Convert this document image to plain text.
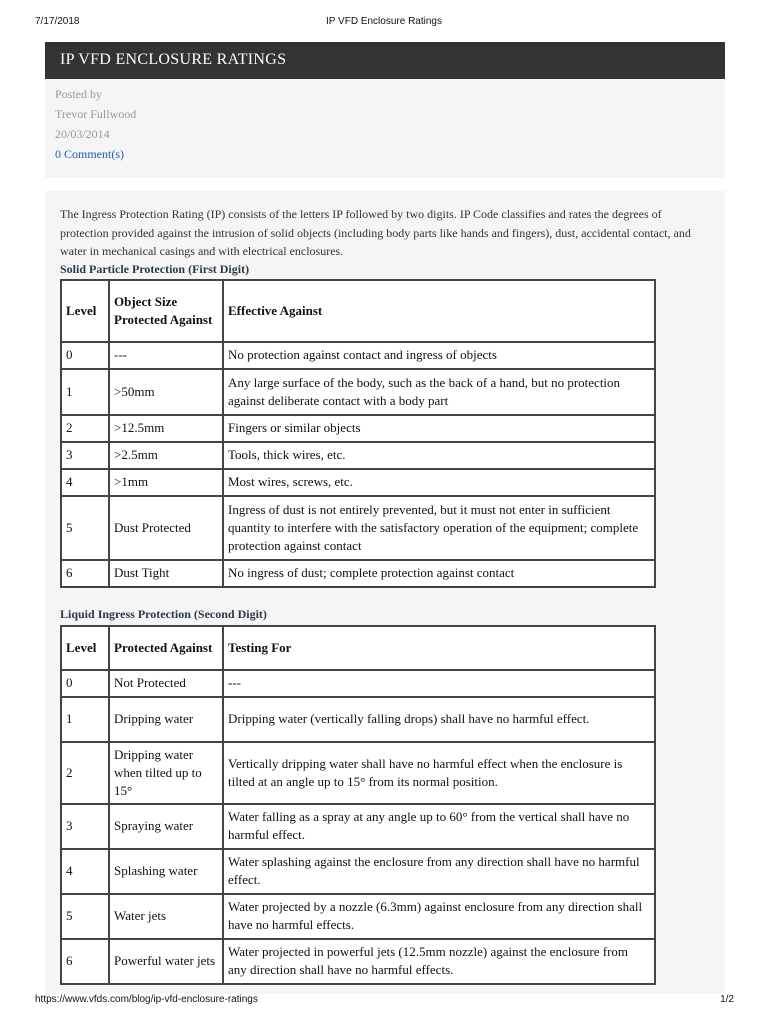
7/17/2018	IP VFD Enclosure Ratings
IP VFD ENCLOSURE RATINGS
Posted by
Trevor Fullwood
20/03/2014
0 Comment(s)

The Ingress Protection Rating (IP) consists of the letters IP followed by two digits. IP Code classifies and rates the degrees of protection provided against the intrusion of solid objects (including body parts like hands and fingers), dust, accidental contact, and water in mechanical casings and with electrical enclosures.

Solid Particle Protection (First Digit)

Level	Object Size Protected Against	Effective Against
0	---	No protection against contact and ingress of objects
1	>50mm	Any large surface of the body, such as the back of a hand, but no protection against deliberate contact with a body part
2	>12.5mm	Fingers or similar objects
3	>2.5mm	Tools, thick wires, etc.
4	>1mm	Most wires, screws, etc.
5	Dust Protected	Ingress of dust is not entirely prevented, but it must not enter in sufficient quantity to interfere with the satisfactory operation of the equipment; complete protection against contact
6	Dust Tight	No ingress of dust; complete protection against contact

Liquid Ingress Protection (Second Digit)

Level	Protected Against	Testing For
0	Not Protected	---
1	Dripping water	Dripping water (vertically falling drops) shall have no harmful effect.
2	Dripping water when tilted up to 15°	Vertically dripping water shall have no harmful effect when the enclosure is tilted at an angle up to 15° from its normal position.
3	Spraying water	Water falling as a spray at any angle up to 60° from the vertical shall have no harmful effect.
4	Splashing water	Water splashing against the enclosure from any direction shall have no harmful effect.
5	Water jets	Water projected by a nozzle (6.3mm) against enclosure from any direction shall have no harmful effects.
6	Powerful water jets	Water projected in powerful jets (12.5mm nozzle) against the enclosure from any direction shall have no harmful effects.
https://www.vfds.com/blog/ip-vfd-enclosure-ratings	1/2
